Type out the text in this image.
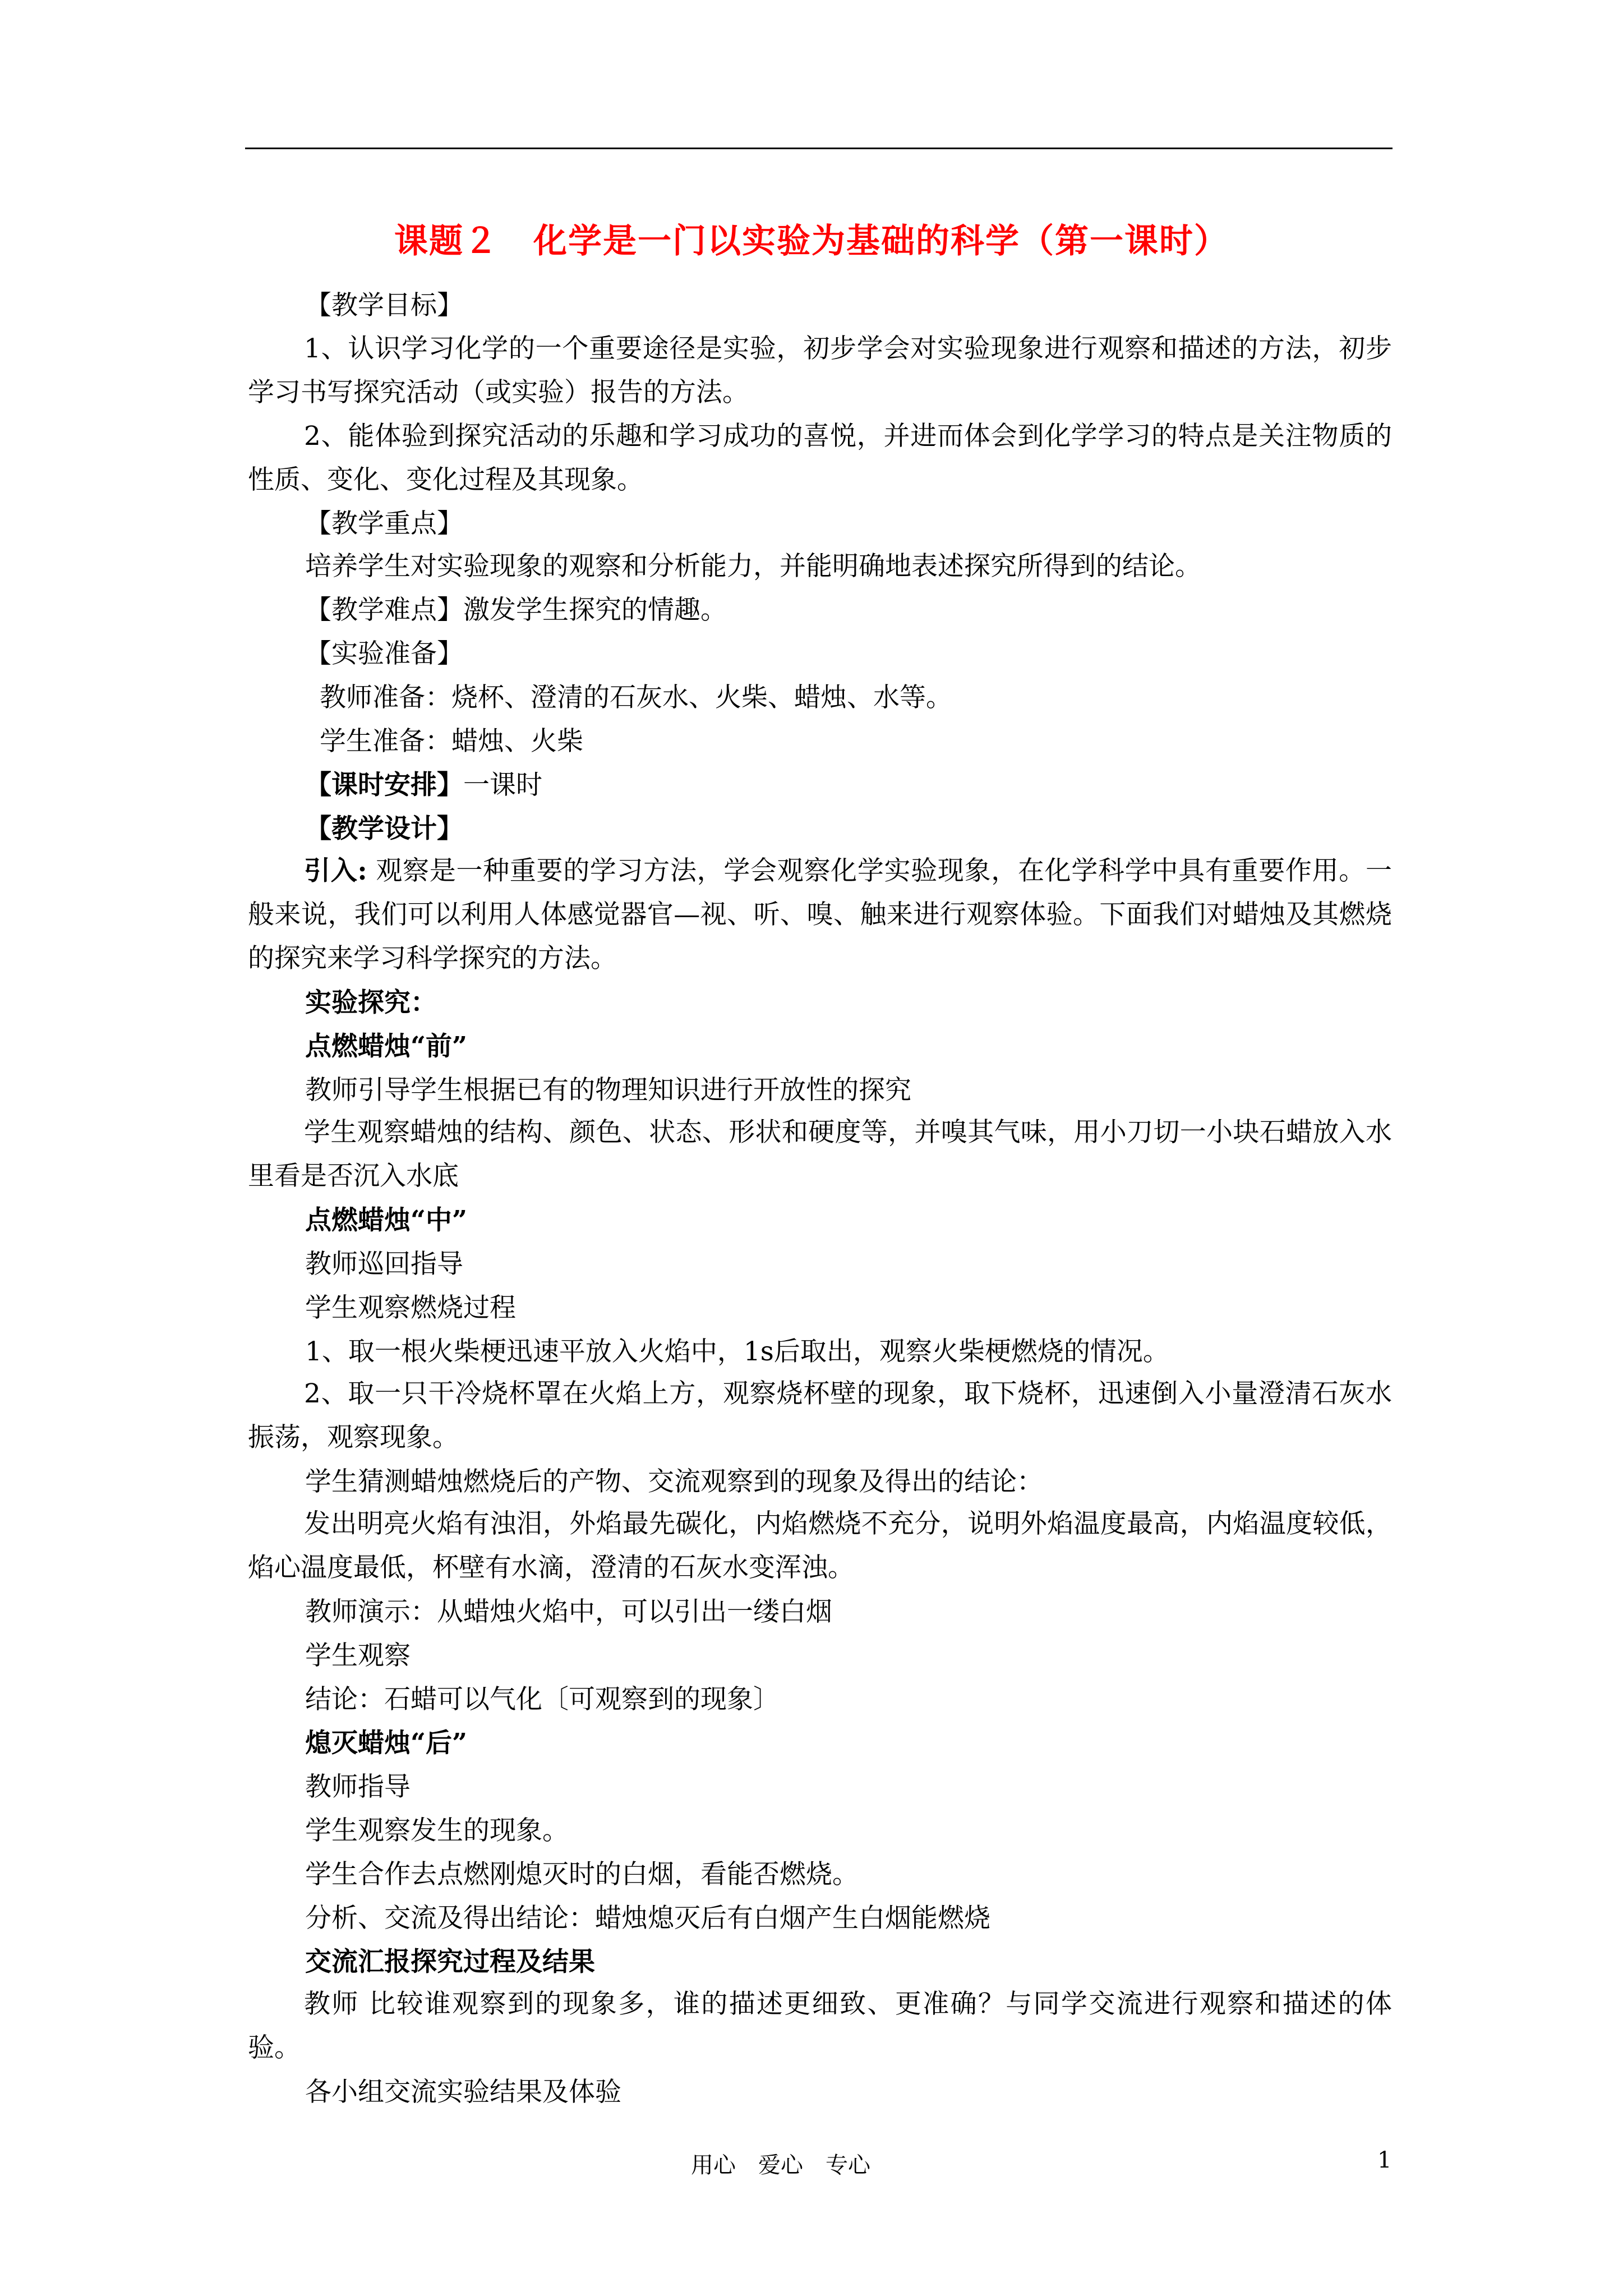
课题２　化学是一门以实验为基础的科学（第一课时）
【教学目标】
1、认识学习化学的一个重要途径是实验，初步学会对实验现象进行观察和描述的方法，初步学习书写探究活动（或实验）报告的方法。
2、能体验到探究活动的乐趣和学习成功的喜悦，并进而体会到化学学习的特点是关注物质的性质、变化、变化过程及其现象。
【教学重点】
培养学生对实验现象的观察和分析能力，并能明确地表述探究所得到的结论。
【教学难点】激发学生探究的情趣。
【实验准备】
教师准备：烧杯、澄清的石灰水、火柴、蜡烛、水等。
学生准备：蜡烛、火柴
【课时安排】一课时
【教学设计】
引入: 观察是一种重要的学习方法，学会观察化学实验现象，在化学科学中具有重要作用。一般来说，我们可以利用人体感觉器官—视、听、嗅、触来进行观察体验。下面我们对蜡烛及其燃烧的探究来学习科学探究的方法。
实验探究：
点燃蜡烛“前”
教师引导学生根据已有的物理知识进行开放性的探究
学生观察蜡烛的结构、颜色、状态、形状和硬度等，并嗅其气味，用小刀切一小块石蜡放入水里看是否沉入水底
点燃蜡烛“中”
教师巡回指导
学生观察燃烧过程
1、取一根火柴梗迅速平放入火焰中，1s后取出，观察火柴梗燃烧的情况。
2、取一只干冷烧杯罩在火焰上方，观察烧杯壁的现象，取下烧杯，迅速倒入小量澄清石灰水振荡，观察现象。
学生猜测蜡烛燃烧后的产物、交流观察到的现象及得出的结论：
发出明亮火焰有浊泪，外焰最先碳化，内焰燃烧不充分，说明外焰温度最高，内焰温度较低，焰心温度最低，杯壁有水滴，澄清的石灰水变浑浊。
教师演示：从蜡烛火焰中，可以引出一缕白烟
学生观察
结论：石蜡可以气化〔可观察到的现象〕
熄灭蜡烛“后”
教师指导
学生观察发生的现象。
学生合作去点燃刚熄灭时的白烟，看能否燃烧。
分析、交流及得出结论：蜡烛熄灭后有白烟产生白烟能燃烧
交流汇报探究过程及结果
教师 比较谁观察到的现象多，谁的描述更细致、更准确？与同学交流进行观察和描述的体验。
各小组交流实验结果及体验
用心　爱心　专心	1
